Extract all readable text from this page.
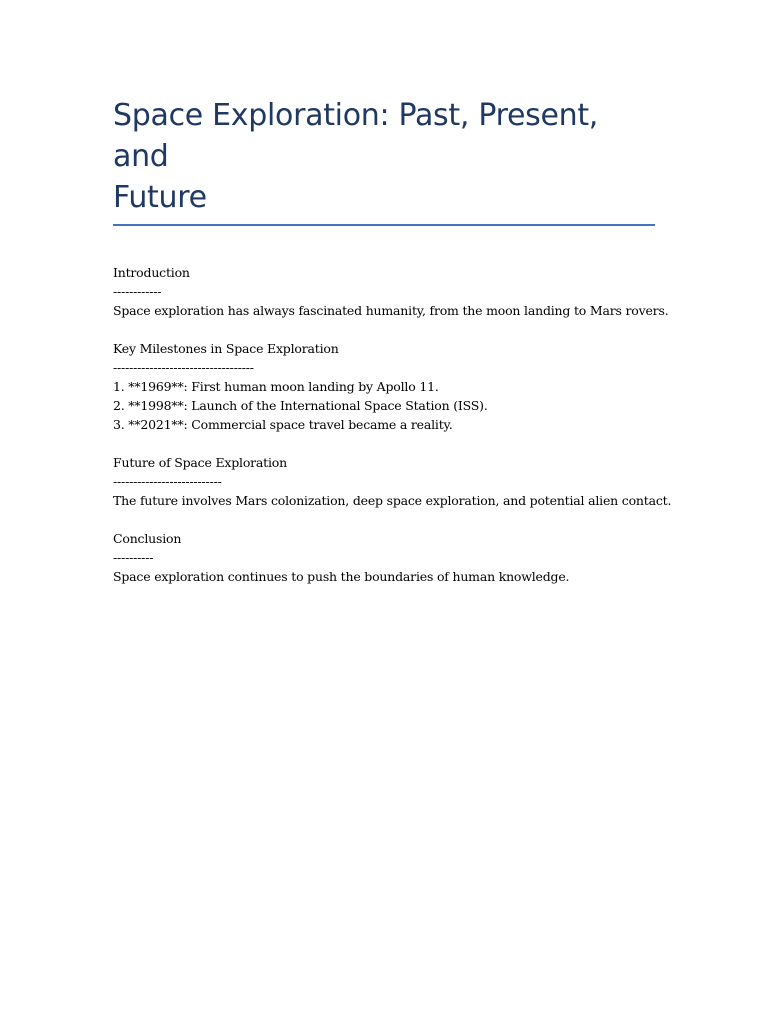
Space Exploration: Past, Present, and
Future
Introduction
------------
Space exploration has always fascinated humanity, from the moon landing to Mars rovers.
Key Milestones in Space Exploration
-----------------------------------
1. **1969**: First human moon landing by Apollo 11.
2. **1998**: Launch of the International Space Station (ISS).
3. **2021**: Commercial space travel became a reality.
Future of Space Exploration
---------------------------
The future involves Mars colonization, deep space exploration, and potential alien contact.
Conclusion
----------
Space exploration continues to push the boundaries of human knowledge.
